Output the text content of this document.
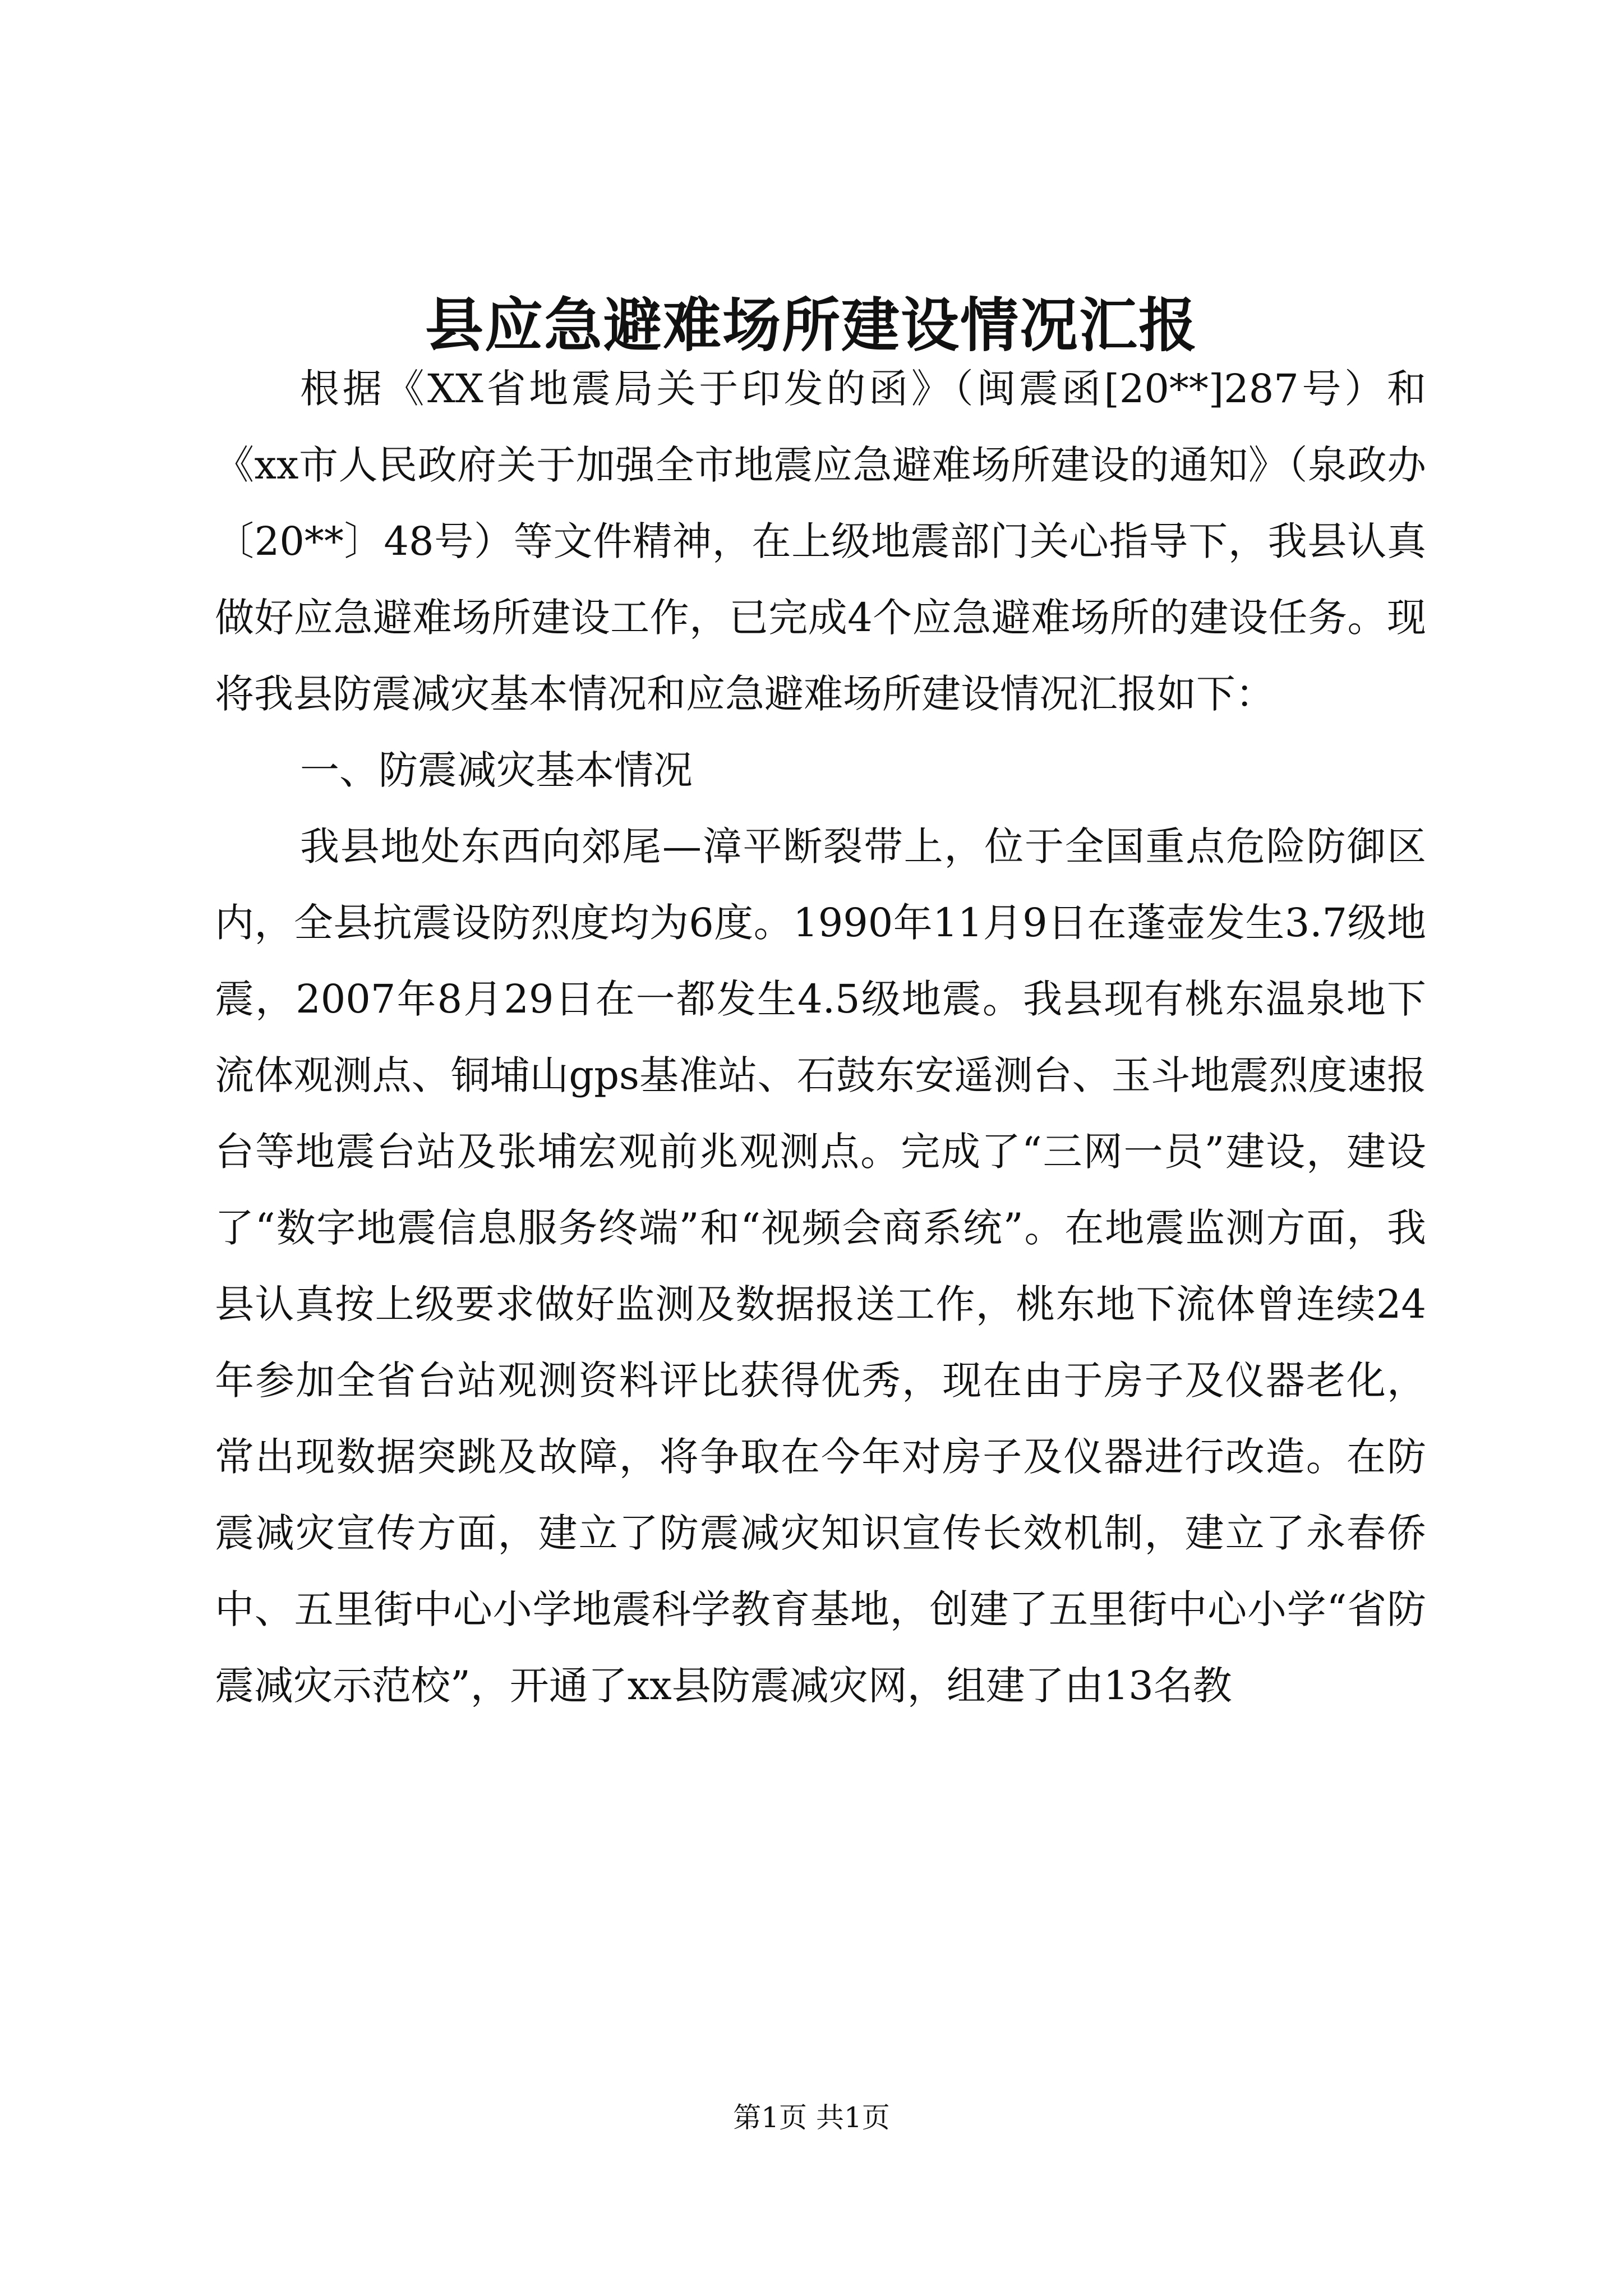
县应急避难场所建设情况汇报

根据《XX省地震局关于印发的函》（闽震函[20**]287号）和《xx市人民政府关于加强全市地震应急避难场所建设的通知》（泉政办〔20**〕48号）等文件精神，在上级地震部门关心指导下，我县认真做好应急避难场所建设工作，已完成4个应急避难场所的建设任务。现将我县防震减灾基本情况和应急避难场所建设情况汇报如下：

一、防震减灾基本情况

我县地处东西向郊尾—漳平断裂带上，位于全国重点危险防御区内，全县抗震设防烈度均为6度。1990年11月9日在蓬壶发生3.7级地震，2007年8月29日在一都发生4.5级地震。我县现有桃东温泉地下流体观测点、铜埔山gps基准站、石鼓东安遥测台、玉斗地震烈度速报台等地震台站及张埔宏观前兆观测点。完成了“三网一员”建设，建设了“数字地震信息服务终端”和“视频会商系统”。在地震监测方面，我县认真按上级要求做好监测及数据报送工作，桃东地下流体曾连续24年参加全省台站观测资料评比获得优秀，现在由于房子及仪器老化，常出现数据突跳及故障，将争取在今年对房子及仪器进行改造。在防震减灾宣传方面，建立了防震减灾知识宣传长效机制，建立了永春侨中、五里街中心小学地震科学教育基地，创建了五里街中心小学“省防震减灾示范校”，开通了xx县防震减灾网，组建了由13名教

第1页 共1页
